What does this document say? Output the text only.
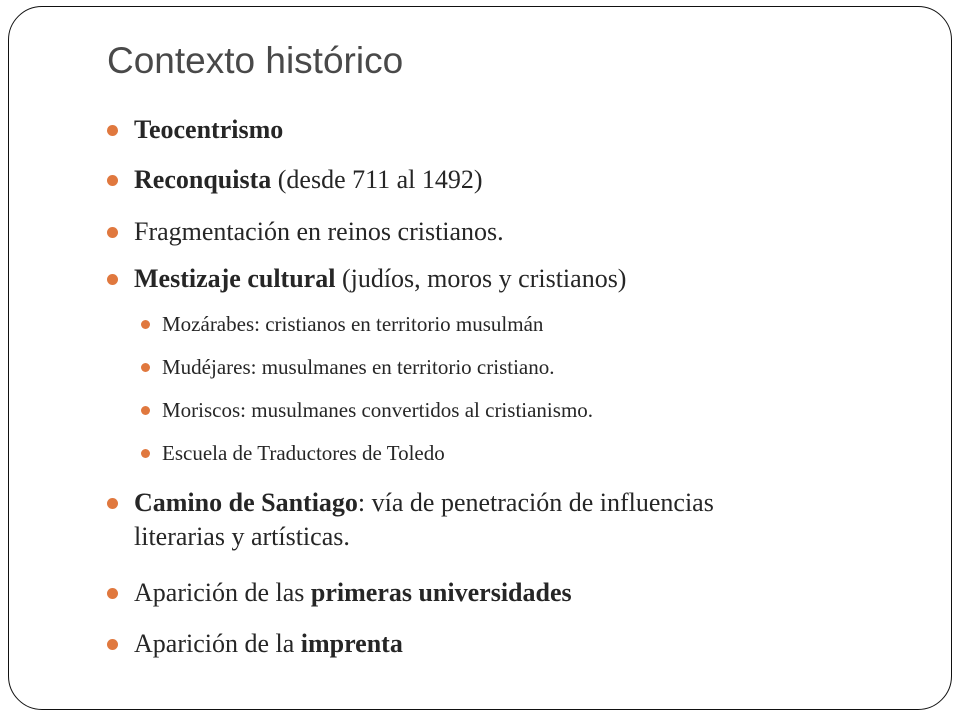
Contexto histórico
Teocentrismo
Reconquista (desde 711 al 1492)
Fragmentación en reinos cristianos.
Mestizaje cultural (judíos, moros y cristianos)
Mozárabes: cristianos en territorio musulmán
Mudéjares: musulmanes en territorio cristiano.
Moriscos: musulmanes convertidos al cristianismo.
Escuela de Traductores de Toledo
Camino de Santiago: vía de penetración de influencias
literarias y artísticas.
Aparición de las primeras universidades
Aparición de la imprenta
